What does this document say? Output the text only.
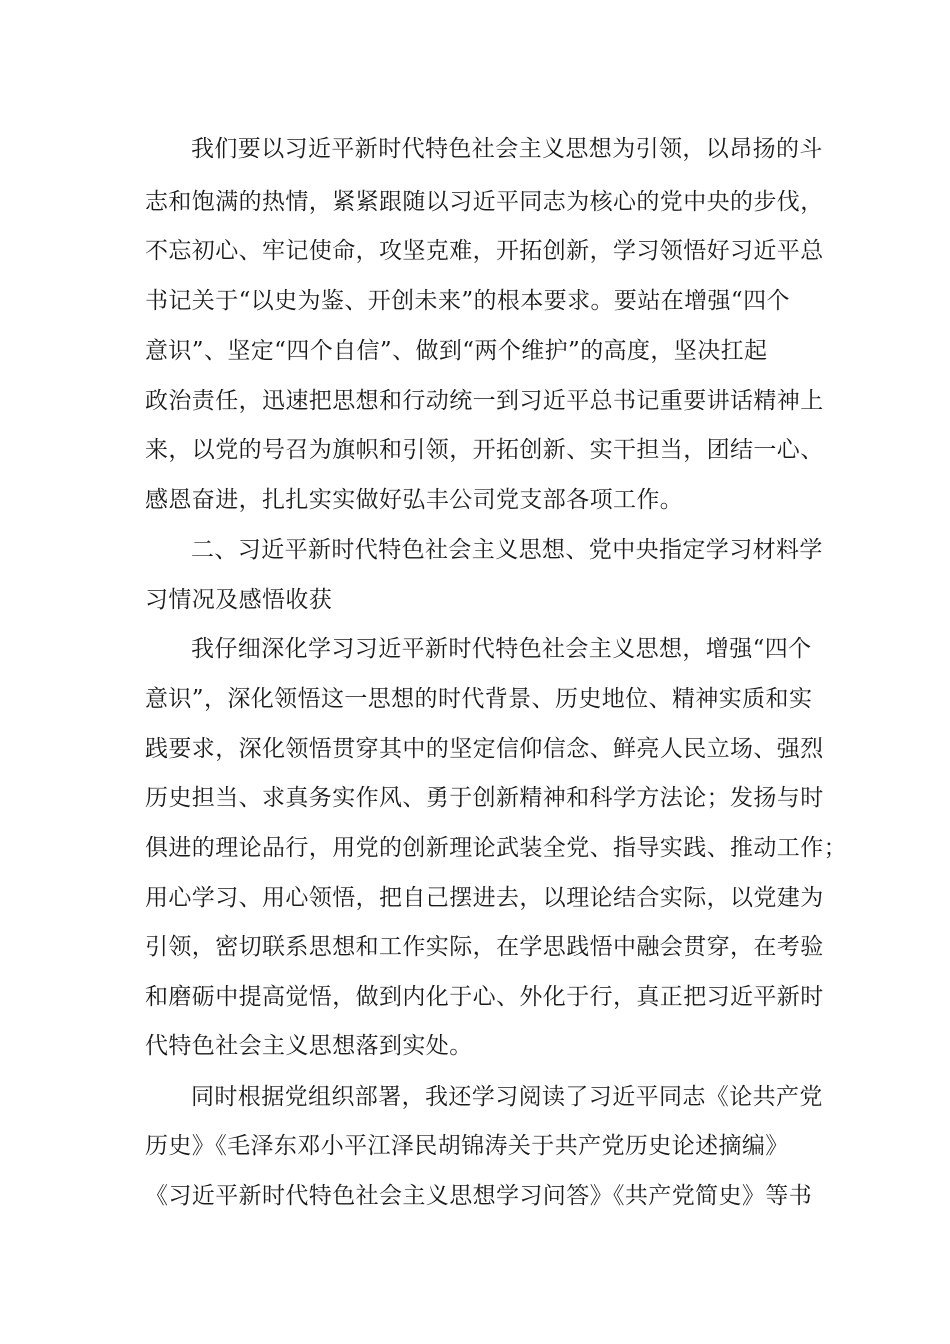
我们要以习近平新时代特色社会主义思想为引领，以昂扬的斗
志和饱满的热情，紧紧跟随以习近平同志为核心的党中央的步伐，
不忘初心、牢记使命，攻坚克难，开拓创新，学习领悟好习近平总
书记关于“以史为鉴、开创未来”的根本要求。要站在增强“四个
意识”、坚定“四个自信”、做到“两个维护”的高度，坚决扛起
政治责任，迅速把思想和行动统一到习近平总书记重要讲话精神上
来，以党的号召为旗帜和引领，开拓创新、实干担当，团结一心、
感恩奋进，扎扎实实做好弘丰公司党支部各项工作。
二、习近平新时代特色社会主义思想、党中央指定学习材料学
习情况及感悟收获
我仔细深化学习习近平新时代特色社会主义思想，增强“四个
意识”，深化领悟这一思想的时代背景、历史地位、精神实质和实
践要求，深化领悟贯穿其中的坚定信仰信念、鲜亮人民立场、强烈
历史担当、求真务实作风、勇于创新精神和科学方法论；发扬与时
俱进的理论品行，用党的创新理论武装全党、指导实践、推动工作；
用心学习、用心领悟，把自己摆进去，以理论结合实际，以党建为
引领，密切联系思想和工作实际，在学思践悟中融会贯穿，在考验
和磨砺中提高觉悟，做到内化于心、外化于行，真正把习近平新时
代特色社会主义思想落到实处。
同时根据党组织部署，我还学习阅读了习近平同志《论共产党
历史》《毛泽东邓小平江泽民胡锦涛关于共产党历史论述摘编》
《习近平新时代特色社会主义思想学习问答》《共产党简史》等书
